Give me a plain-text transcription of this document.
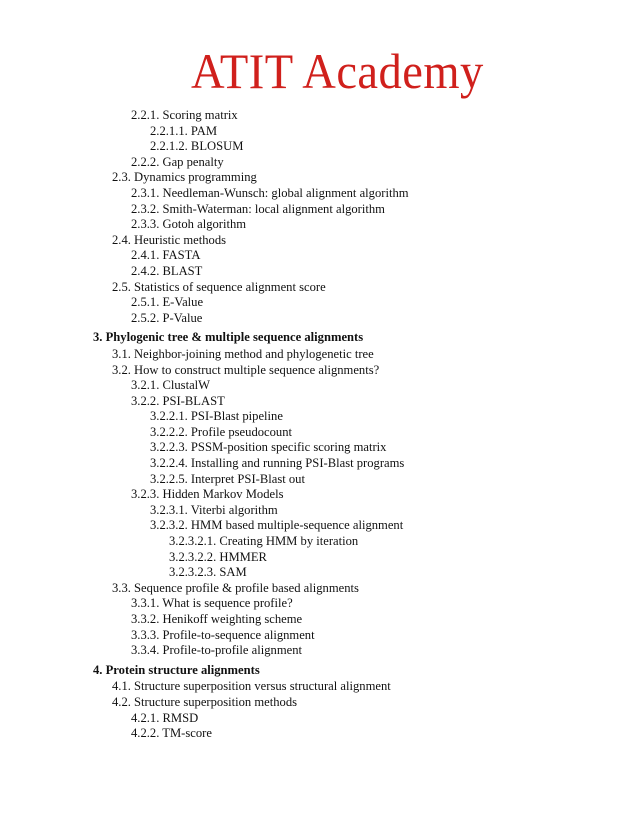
ATIT Academy
2.2.1. Scoring matrix
2.2.1.1. PAM
2.2.1.2. BLOSUM
2.2.2. Gap penalty
2.3. Dynamics programming
2.3.1. Needleman-Wunsch: global alignment algorithm
2.3.2. Smith-Waterman: local alignment algorithm
2.3.3. Gotoh algorithm
2.4. Heuristic methods
2.4.1. FASTA
2.4.2. BLAST
2.5. Statistics of sequence alignment score
2.5.1. E-Value
2.5.2. P-Value
3. Phylogenic tree & multiple sequence alignments
3.1. Neighbor-joining method and phylogenetic tree
3.2. How to construct multiple sequence alignments?
3.2.1. ClustalW
3.2.2. PSI-BLAST
3.2.2.1. PSI-Blast pipeline
3.2.2.2. Profile pseudocount
3.2.2.3. PSSM-position specific scoring matrix
3.2.2.4. Installing and running PSI-Blast programs
3.2.2.5. Interpret PSI-Blast out
3.2.3. Hidden Markov Models
3.2.3.1. Viterbi algorithm
3.2.3.2. HMM based multiple-sequence alignment
3.2.3.2.1. Creating HMM by iteration
3.2.3.2.2. HMMER
3.2.3.2.3. SAM
3.3. Sequence profile & profile based alignments
3.3.1. What is sequence profile?
3.3.2. Henikoff weighting scheme
3.3.3. Profile-to-sequence alignment
3.3.4. Profile-to-profile alignment
4. Protein structure alignments
4.1. Structure superposition versus structural alignment
4.2. Structure superposition methods
4.2.1. RMSD
4.2.2. TM-score
